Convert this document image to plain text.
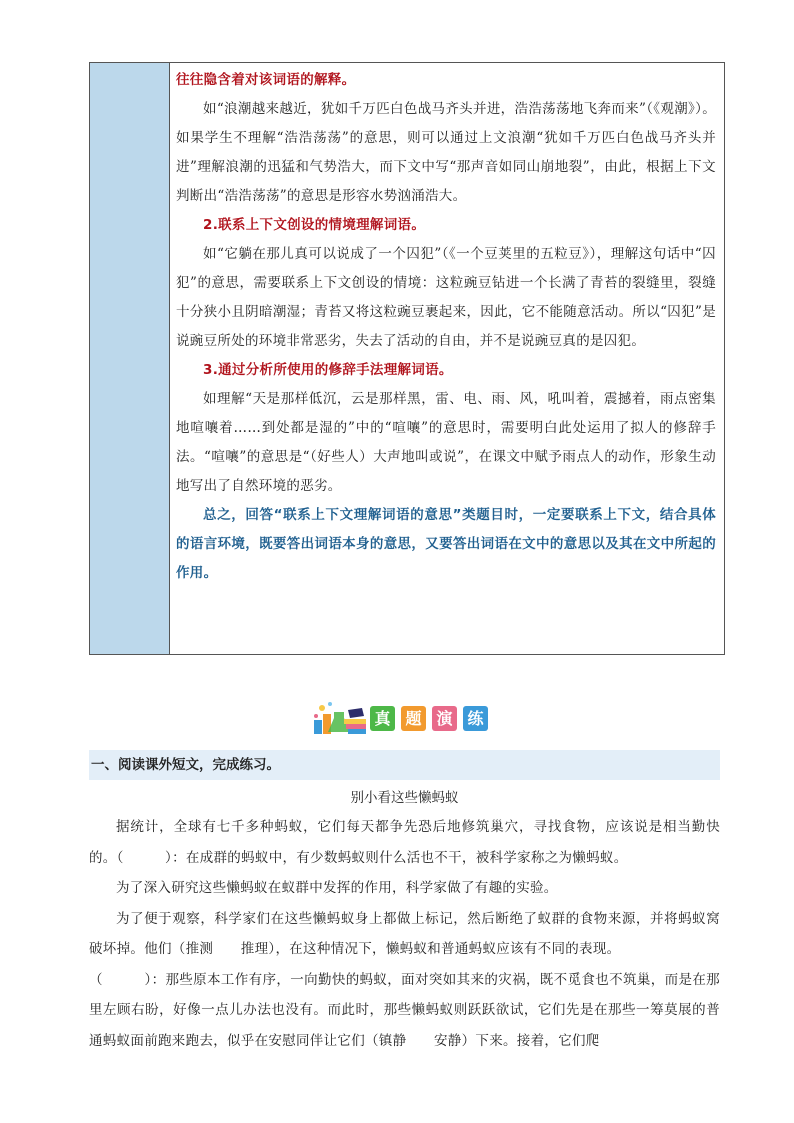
往往隐含着对该词语的解释。

如“浪潮越来越近，犹如千万匹白色战马齐头并进，浩浩荡荡地飞奔而来”（《观潮》）。如果学生不理解“浩浩荡荡”的意思，则可以通过上文浪潮“犹如千万匹白色战马齐头并进”理解浪潮的迅猛和气势浩大，而下文中写“那声音如同山崩地裂”，由此，根据上下文判断出“浩浩荡荡”的意思是形容水势汹涌浩大。

2.联系上下文创设的情境理解词语。

如“它躺在那儿真可以说成了一个囚犯”（《一个豆荚里的五粒豆》），理解这句话中“囚犯”的意思，需要联系上下文创设的情境：这粒豌豆钻进一个长满了青苔的裂缝里，裂缝十分狭小且阴暗潮湿；青苔又将这粒豌豆裹起来，因此，它不能随意活动。所以“囚犯”是说豌豆所处的环境非常恶劣，失去了活动的自由，并不是说豌豆真的是囚犯。

3.通过分析所使用的修辞手法理解词语。

如理解“天是那样低沉，云是那样黑，雷、电、雨、风，吼叫着，震撼着，雨点密集地喧嚷着……到处都是湿的”中的“喧嚷”的意思时，需要明白此处运用了拟人的修辞手法。“喧嚷”的意思是“（好些人）大声地叫或说”，在课文中赋予雨点人的动作，形象生动地写出了自然环境的恶劣。

总之，回答“联系上下文理解词语的意思”类题目时，一定要联系上下文，结合具体的语言环境，既要答出词语本身的意思，又要答出词语在文中的意思以及其在文中所起的作用。

真 题 演 练
一、阅读课外短文，完成练习。
别小看这些懒蚂蚁

据统计，全球有七千多种蚂蚁，它们每天都争先恐后地修筑巢穴，寻找食物，应该说是相当勤快的。（　　　）：在成群的蚂蚁中，有少数蚂蚁则什么活也不干，被科学家称之为懒蚂蚁。

为了深入研究这些懒蚂蚁在蚁群中发挥的作用，科学家做了有趣的实验。

为了便于观察，科学家们在这些懒蚂蚁身上都做上标记，然后断绝了蚁群的食物来源，并将蚂蚁窝破坏掉。他们（推测　　推理），在这种情况下，懒蚂蚁和普通蚂蚁应该有不同的表现。

（　　　）：那些原本工作有序，一向勤快的蚂蚁，面对突如其来的灾祸，既不觅食也不筑巢，而是在那里左顾右盼，好像一点儿办法也没有。而此时，那些懒蚂蚁则跃跃欲试，它们先是在那些一筹莫展的普通蚂蚁面前跑来跑去，似乎在安慰同伴让它们（镇静　　安静）下来。接着，它们爬
